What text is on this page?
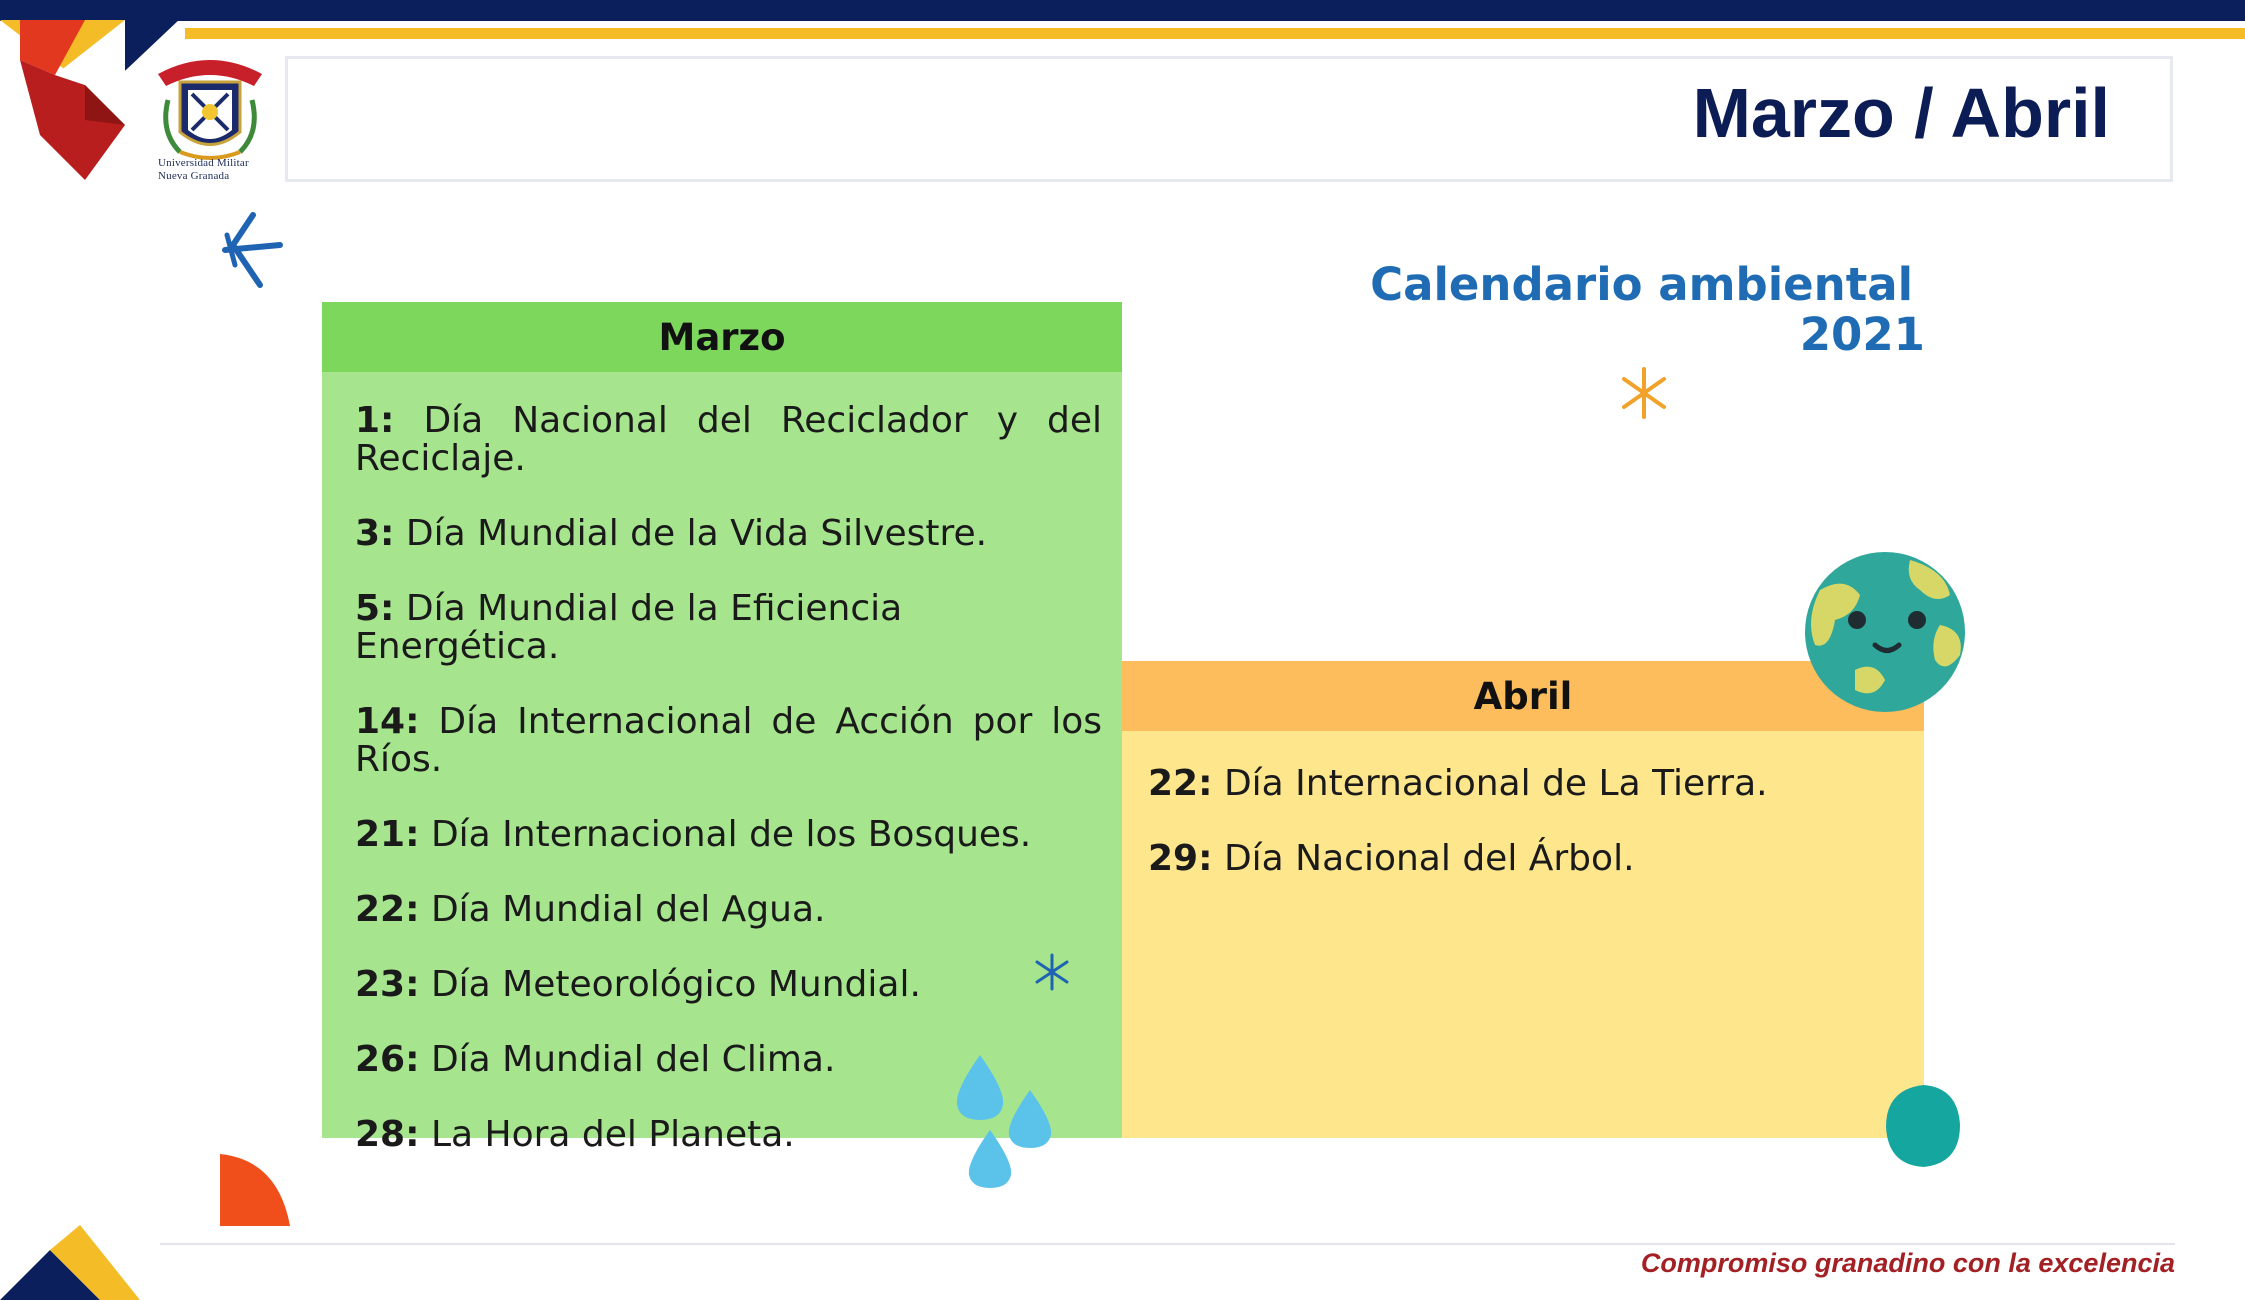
Universidad Militar
Nueva Granada
Marzo / Abril
Calendario ambiental
2021
Marzo
1: Día Nacional del Reciclador y del Reciclaje.
3: Día Mundial de la Vida Silvestre.
5: Día Mundial de la Eficiencia Energética.
14: Día Internacional de Acción por los Ríos.
21: Día Internacional de los Bosques.
22: Día Mundial del Agua.
23: Día Meteorológico Mundial.
26: Día Mundial del Clima.
28: La Hora del Planeta.
Abril
22: Día Internacional de La Tierra.
29: Día Nacional del Árbol.
Compromiso granadino con la excelencia
